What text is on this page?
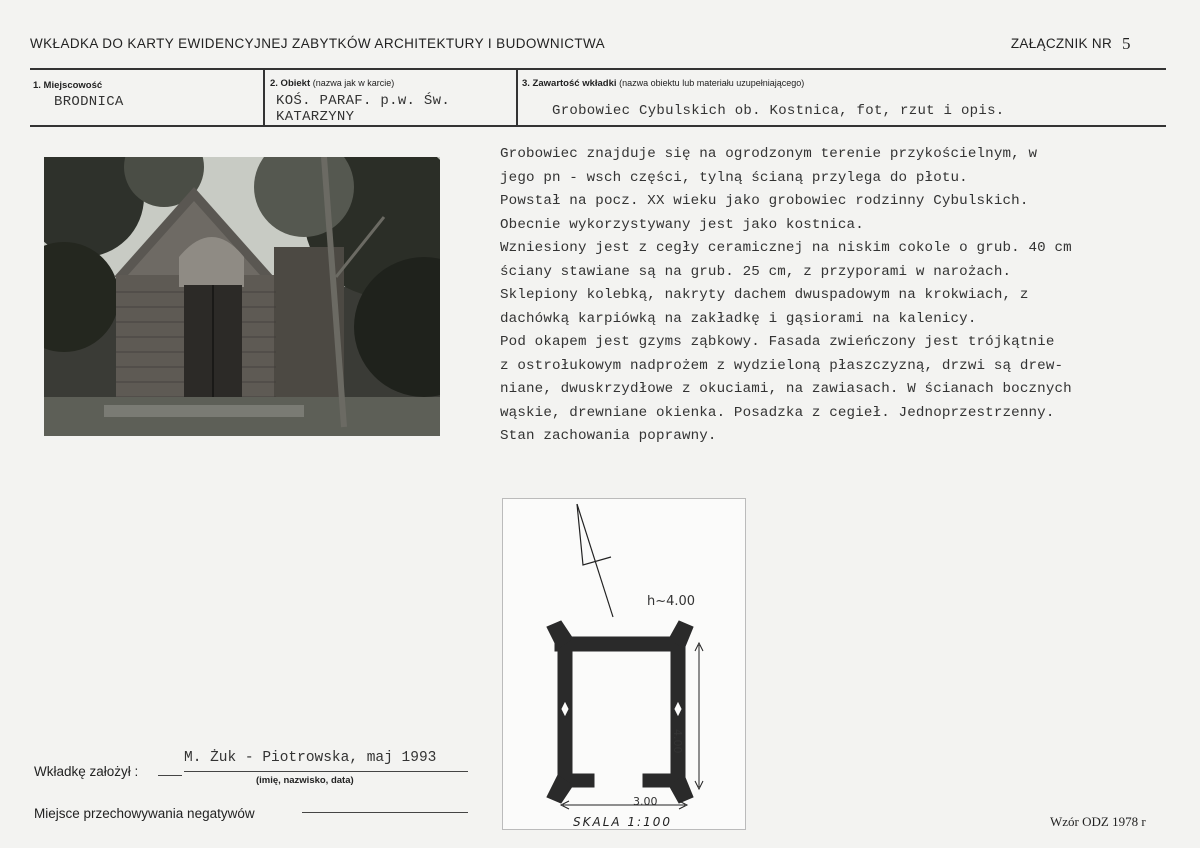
WKŁADKA DO KARTY EWIDENCYJNEJ ZABYTKÓW ARCHITEKTURY I BUDOWNICTWA	ZAŁĄCZNIK NR 5
1. Miejscowość
BRODNICA
2. Obiekt (nazwa jak w karcie)
KOŚ. PARAF. p.w. Św.
KATARZYNY
3. Zawartość wkładki (nazwa obiektu lub materiału uzupełniającego)
Grobowiec Cybulskich ob. Kostnica, fot, rzut i opis.
Grobowiec znajduje się na ogrodzonym terenie przykościelnym, w
jego pn - wsch części, tylną ścianą przylega do płotu.
Powstał na pocz. XX wieku jako grobowiec rodzinny Cybulskich.
Obecnie wykorzystywany jest jako kostnica.
Wzniesiony jest z cegły ceramicznej na niskim cokole o grub. 40 cm
ściany stawiane są na grub. 25 cm, z przyporami w narożach.
Sklepiony kolebką, nakryty dachem dwuspadowym na krokwiach, z
dachówką karpiówką na zakładkę i gąsiorami na kalenicy.
Pod okapem jest gzyms ząbkowy. Fasada zwieńczony jest trójkątnie
z ostrołukowym nadprożem z wydzieloną płaszczyzną, drzwi są drew-
niane, dwuskrzydłowe z okuciami, na zawiasach. W ścianach bocznych
wąskie, drewniane okienka. Posadzka z cegieł. Jednoprzestrzenny.
Stan zachowania poprawny.
h~4.00
4.00
3.00
SKALA 1:100
Wkładkę założył :
M. Żuk - Piotrowska, maj 1993
(imię, nazwisko, data)
Miejsce przechowywania negatywów
Wzór ODZ 1978 r
